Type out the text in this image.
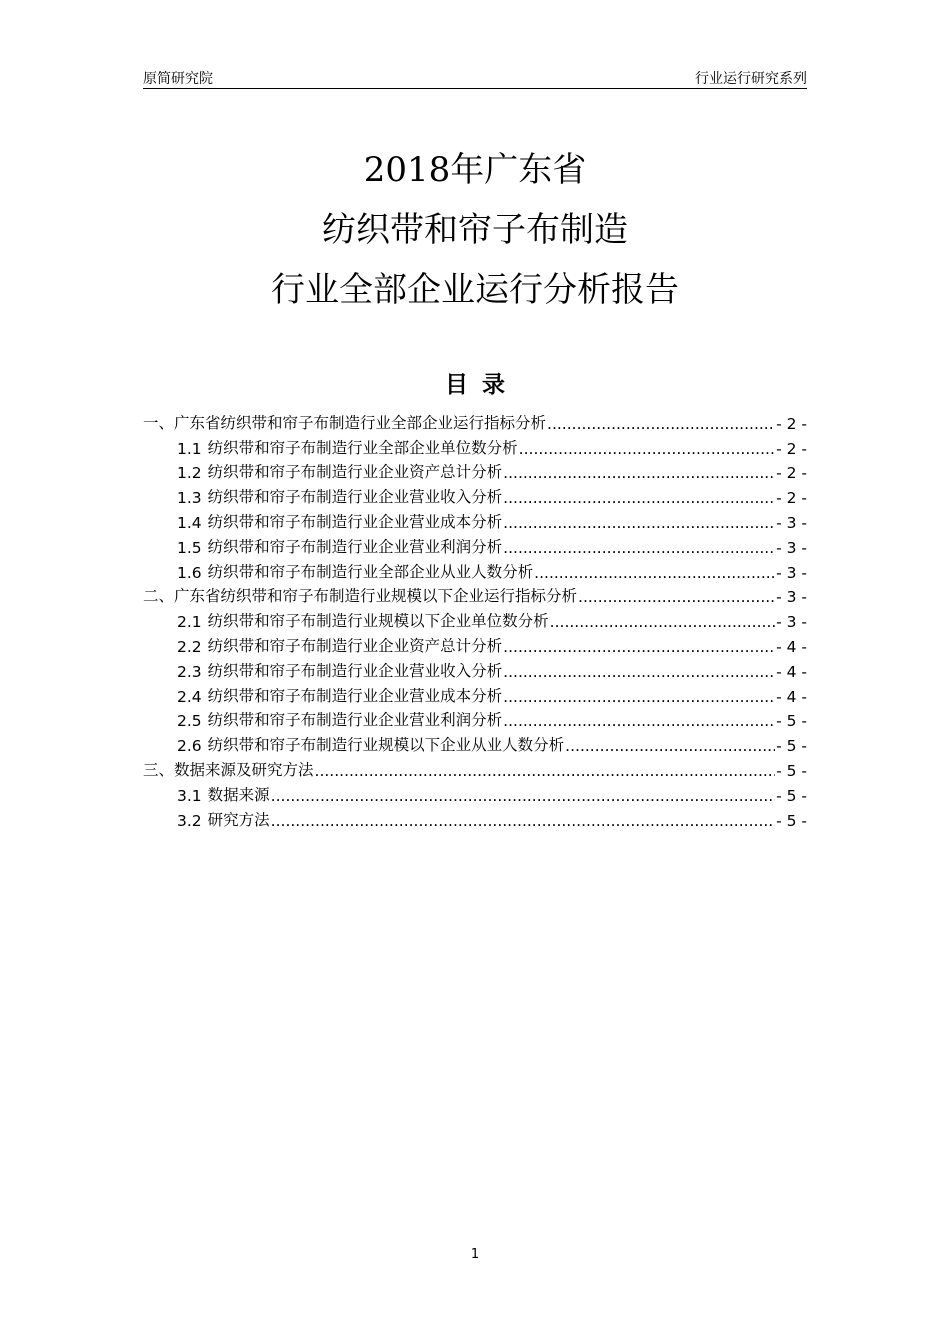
原简研究院	行业运行研究系列
2018年广东省
纺织带和帘子布制造
行业全部企业运行分析报告
目录
一、广东省纺织带和帘子布制造行业全部企业运行指标分析 .....	- 2 -
1.1 纺织带和帘子布制造行业全部企业单位数分析 .....	- 2 -
1.2 纺织带和帘子布制造行业企业资产总计分析 .....	- 2 -
1.3 纺织带和帘子布制造行业企业营业收入分析 .....	- 2 -
1.4 纺织带和帘子布制造行业企业营业成本分析 .....	- 3 -
1.5 纺织带和帘子布制造行业企业营业利润分析 .....	- 3 -
1.6 纺织带和帘子布制造行业全部企业从业人数分析 .....	- 3 -
二、广东省纺织带和帘子布制造行业规模以下企业运行指标分析 .....	- 3 -
2.1 纺织带和帘子布制造行业规模以下企业单位数分析 .....	- 3 -
2.2 纺织带和帘子布制造行业企业资产总计分析 .....	- 4 -
2.3 纺织带和帘子布制造行业企业营业收入分析 .....	- 4 -
2.4 纺织带和帘子布制造行业企业营业成本分析 .....	- 4 -
2.5 纺织带和帘子布制造行业企业营业利润分析 .....	- 5 -
2.6 纺织带和帘子布制造行业规模以下企业从业人数分析 .....	- 5 -
三、数据来源及研究方法 .....	- 5 -
3.1 数据来源 .....	- 5 -
3.2 研究方法 .....	- 5 -
1
